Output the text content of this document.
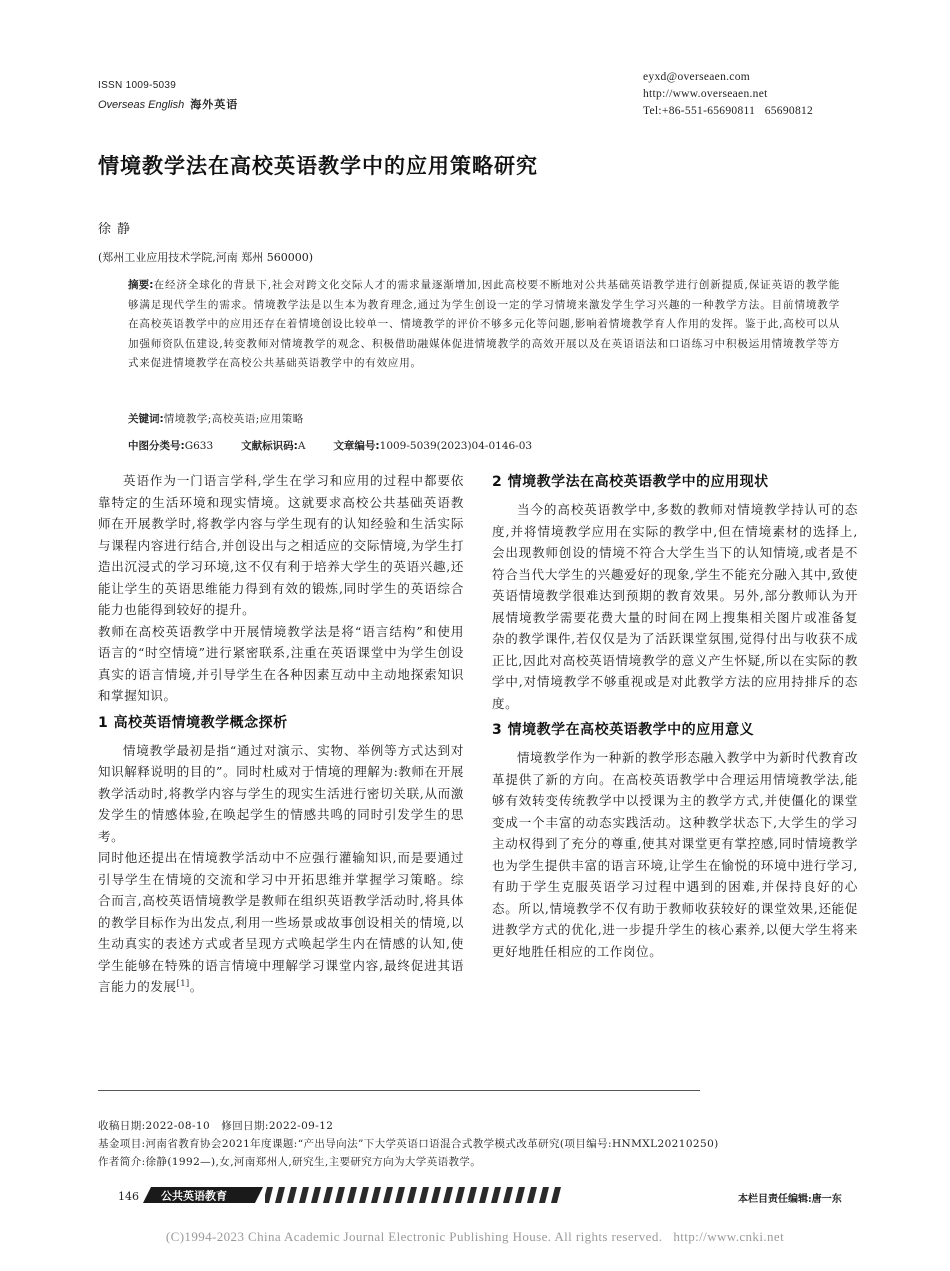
ISSN 1009-5039
Overseas English 海外英语
eyxd@overseaen.com
http://www.overseaen.net
Tel:+86-551-65690811   65690812
情境教学法在高校英语教学中的应用策略研究
徐静
(郑州工业应用技术学院,河南 郑州 560000)
摘要:在经济全球化的背景下,社会对跨文化交际人才的需求量逐渐增加,因此高校要不断地对公共基础英语教学进行创新提质,保证英语的教学能够满足现代学生的需求。情境教学法是以生本为教育理念,通过为学生创设一定的学习情境来激发学生学习兴趣的一种教学方法。目前情境教学在高校英语教学中的应用还存在着情境创设比较单一、情境教学的评价不够多元化等问题,影响着情境教学育人作用的发挥。鉴于此,高校可以从加强师资队伍建设,转变教师对情境教学的观念、积极借助融媒体促进情境教学的高效开展以及在英语语法和口语练习中积极运用情境教学等方式来促进情境教学在高校公共基础英语教学中的有效应用。
关键词:情境教学;高校英语;应用策略
中图分类号:G633	文献标识码:A	文章编号:1009-5039(2023)04-0146-03

英语作为一门语言学科,学生在学习和应用的过程中都要依靠特定的生活环境和现实情境。这就要求高校公共基础英语教师在开展教学时,将教学内容与学生现有的认知经验和生活实际与课程内容进行结合,并创设出与之相适应的交际情境,为学生打造出沉浸式的学习环境,这不仅有利于培养大学生的英语兴趣,还能让学生的英语思维能力得到有效的锻炼,同时学生的英语综合能力也能得到较好的提升。

教师在高校英语教学中开展情境教学法是将“语言结构”和使用语言的“时空情境”进行紧密联系,注重在英语课堂中为学生创设真实的语言情境,并引导学生在各种因素互动中主动地探索知识和掌握知识。

1 高校英语情境教学概念探析

情境教学最初是指“通过对演示、实物、举例等方式达到对知识解释说明的目的”。同时杜威对于情境的理解为:教师在开展教学活动时,将教学内容与学生的现实生活进行密切关联,从而激发学生的情感体验,在唤起学生的情感共鸣的同时引发学生的思考。

同时他还提出在情境教学活动中不应强行灌输知识,而是要通过引导学生在情境的交流和学习中开拓思维并掌握学习策略。综合而言,高校英语情境教学是教师在组织英语教学活动时,将具体的教学目标作为出发点,利用一些场景或故事创设相关的情境,以生动真实的表述方式或者呈现方式唤起学生内在情感的认知,使学生能够在特殊的语言情境中理解学习课堂内容,最终促进其语言能力的发展[1]。

2 情境教学法在高校英语教学中的应用现状

当今的高校英语教学中,多数的教师对情境教学持认可的态度,并将情境教学应用在实际的教学中,但在情境素材的选择上,会出现教师创设的情境不符合大学生当下的认知情境,或者是不符合当代大学生的兴趣爱好的现象,学生不能充分融入其中,致使英语情境教学很难达到预期的教育效果。另外,部分教师认为开展情境教学需要花费大量的时间在网上搜集相关图片或准备复杂的教学课件,若仅仅是为了活跃课堂氛围,觉得付出与收获不成正比,因此对高校英语情境教学的意义产生怀疑,所以在实际的教学中,对情境教学不够重视或是对此教学方法的应用持排斥的态度。

3 情境教学在高校英语教学中的应用意义

情境教学作为一种新的教学形态融入教学中为新时代教育改革提供了新的方向。在高校英语教学中合理运用情境教学法,能够有效转变传统教学中以授课为主的教学方式,并使僵化的课堂变成一个丰富的动态实践活动。这种教学状态下,大学生的学习主动权得到了充分的尊重,使其对课堂更有掌控感,同时情境教学也为学生提供丰富的语言环境,让学生在愉悦的环境中进行学习,有助于学生克服英语学习过程中遇到的困难,并保持良好的心态。所以,情境教学不仅有助于教师收获较好的课堂效果,还能促进教学方式的优化,进一步提升学生的核心素养,以便大学生将来更好地胜任相应的工作岗位。

收稿日期:2022-08-10   修回日期:2022-09-12
基金项目:河南省教育协会2021年度课题:“产出导向法”下大学英语口语混合式教学模式改革研究(项目编号:HNMXL20210250)
作者简介:徐静(1992—),女,河南郑州人,研究生,主要研究方向为大学英语教学。
146 公共英语教育	本栏目责任编辑:唐一东
(C)1994-2023 China Academic Journal Electronic Publishing House. All rights reserved.   http://www.cnki.net
